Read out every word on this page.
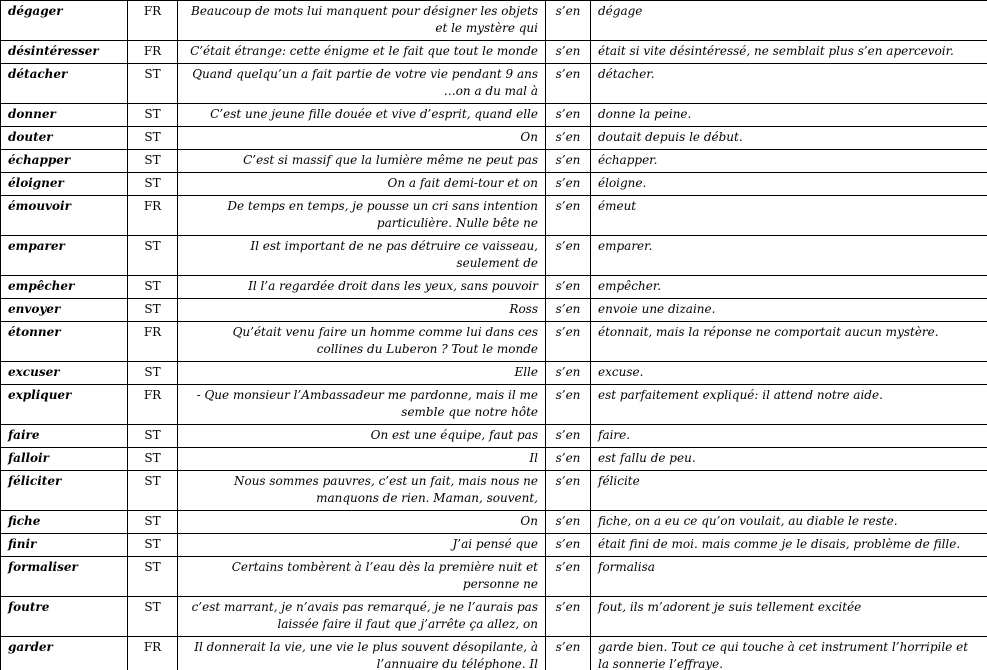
dégager	FR	Beaucoup de mots lui manquent pour désigner les objets et le mystère qui	s’en	dégage
désintéresser	FR	C’était étrange: cette énigme et le fait que tout le monde	s’en	était si vite désintéressé, ne semblait plus s’en apercevoir.
détacher	ST	Quand quelqu’un a fait partie de votre vie pendant 9 ans …on a du mal à	s’en	détacher.
donner	ST	C’est une jeune fille douée et vive d’esprit, quand elle	s’en	donne la peine.
douter	ST	On	s’en	doutait depuis le début.
échapper	ST	C’est si massif que la lumière même ne peut pas	s’en	échapper.
éloigner	ST	On a fait demi-tour et on	s’en	éloigne.
émouvoir	FR	De temps en temps, je pousse un cri sans intention particulière. Nulle bête ne	s’en	émeut
emparer	ST	Il est important de ne pas détruire ce vaisseau, seulement de	s’en	emparer.
empêcher	ST	Il l’a regardée droit dans les yeux, sans pouvoir	s’en	empêcher.
envoyer	ST	Ross	s’en	envoie une dizaine.
étonner	FR	Qu’était venu faire un homme comme lui dans ces collines du Luberon ? Tout le monde	s’en	étonnait, mais la réponse ne comportait aucun mystère.
excuser	ST	Elle	s’en	excuse.
expliquer	FR	- Que monsieur l’Ambassadeur me pardonne, mais il me semble que notre hôte	s’en	est parfaitement expliqué: il attend notre aide.
faire	ST	On est une équipe, faut pas	s’en	faire.
falloir	ST	Il	s’en	est fallu de peu.
féliciter	ST	Nous sommes pauvres, c’est un fait, mais nous ne manquons de rien. Maman, souvent,	s’en	félicite
fiche	ST	On	s’en	fiche, on a eu ce qu’on voulait, au diable le reste.
finir	ST	J’ai pensé que	s’en	était fini de moi. mais comme je le disais, problème de fille.
formaliser	ST	Certains tombèrent à l’eau dès la première nuit et personne ne	s’en	formalisa
foutre	ST	c’est marrant, je n’avais pas remarqué, je ne l’aurais pas laissée faire il faut que j’arrête ça allez, on	s’en	fout, ils m’adorent je suis tellement excitée
garder	FR	Il donnerait la vie, une vie le plus souvent désopilante, à l’annuaire du téléphone. Il	s’en	garde bien. Tout ce qui touche à cet instrument l’horripile et la sonnerie l’effraye.
